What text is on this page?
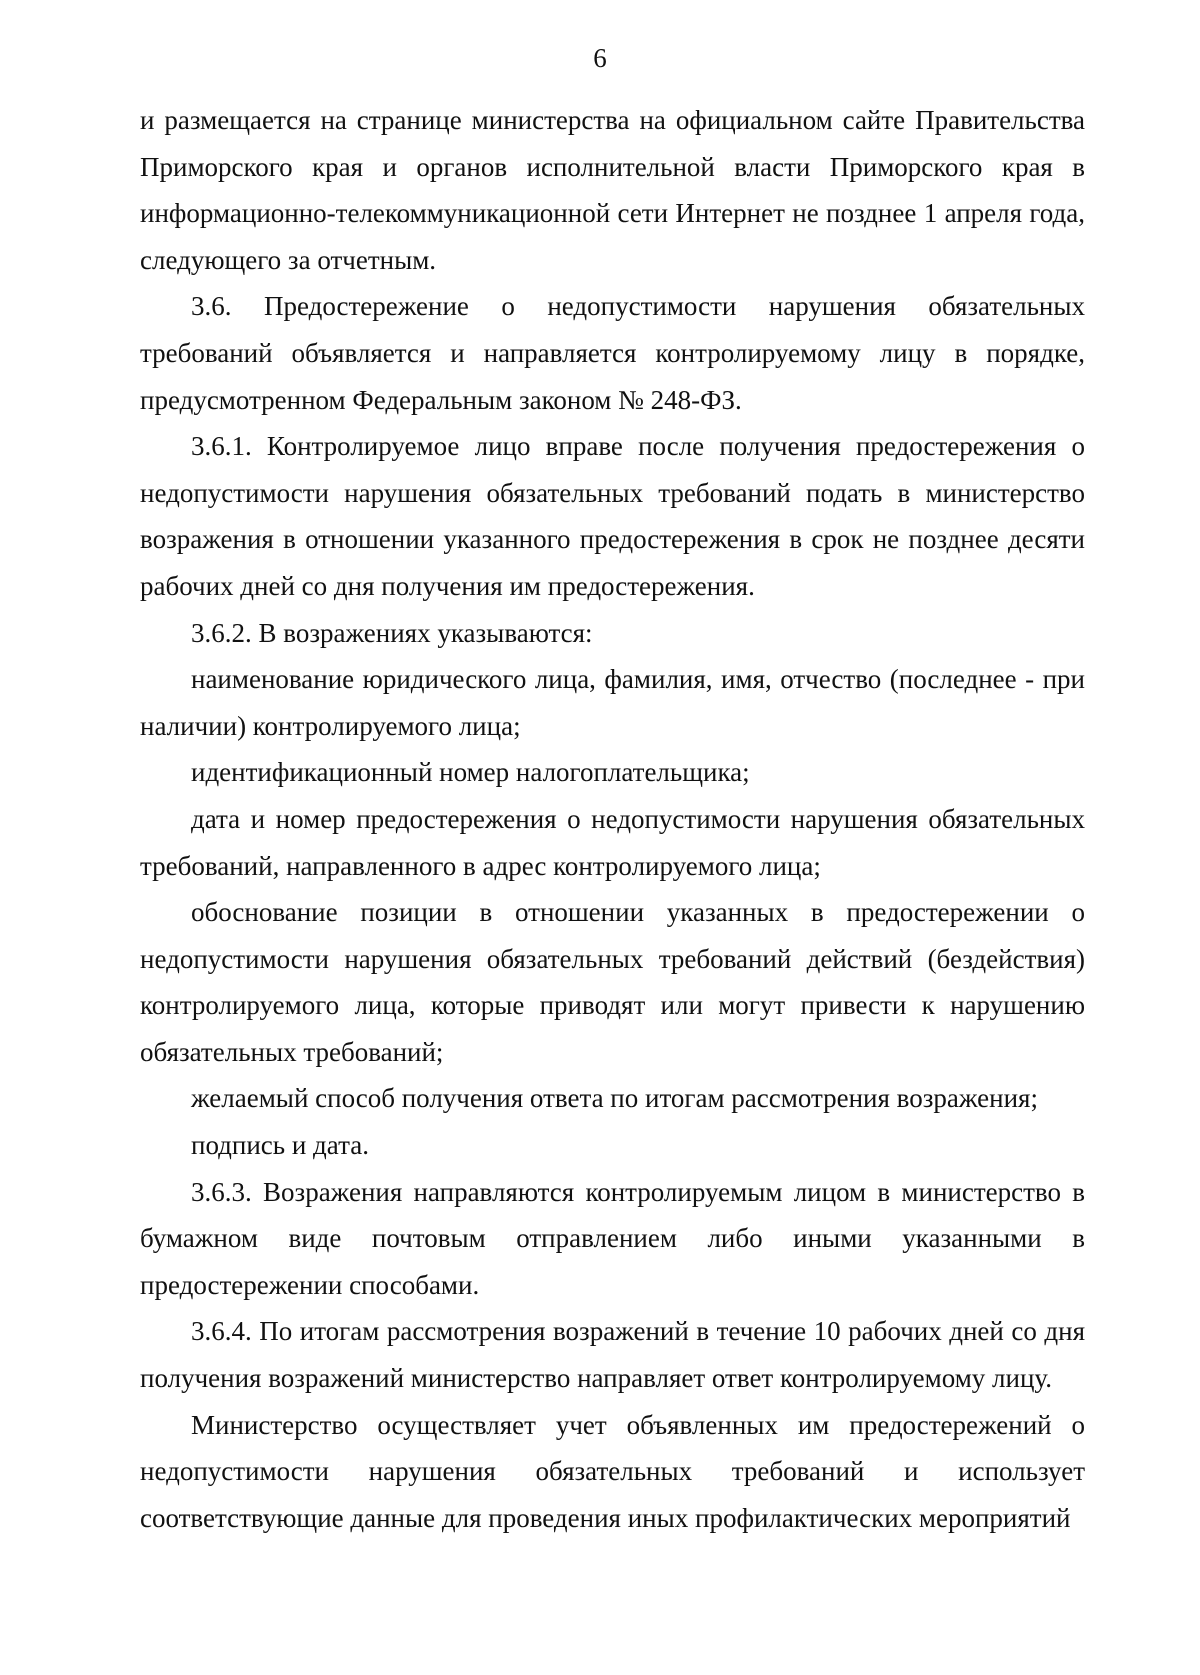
6

и размещается на странице министерства на официальном сайте Правительства Приморского края и органов исполнительной власти Приморского края в информационно-телекоммуникационной сети Интернет не позднее 1 апреля года, следующего за отчетным.

3.6. Предостережение о недопустимости нарушения обязательных требований объявляется и направляется контролируемому лицу в порядке, предусмотренном Федеральным законом № 248-ФЗ.

3.6.1. Контролируемое лицо вправе после получения предостережения о недопустимости нарушения обязательных требований подать в министерство возражения в отношении указанного предостережения в срок не позднее десяти рабочих дней со дня получения им предостережения.

3.6.2. В возражениях указываются:

наименование юридического лица, фамилия, имя, отчество (последнее - при наличии) контролируемого лица;

идентификационный номер налогоплательщика;

дата и номер предостережения о недопустимости нарушения обязательных требований, направленного в адрес контролируемого лица;

обоснование позиции в отношении указанных в предостережении о недопустимости нарушения обязательных требований действий (бездействия) контролируемого лица, которые приводят или могут привести к нарушению обязательных требований;

желаемый способ получения ответа по итогам рассмотрения возражения;

подпись и дата.

3.6.3. Возражения направляются контролируемым лицом в министерство в бумажном виде почтовым отправлением либо иными указанными в предостережении способами.

3.6.4. По итогам рассмотрения возражений в течение 10 рабочих дней со дня получения возражений министерство направляет ответ контролируемому лицу.

Министерство осуществляет учет объявленных им предостережений о недопустимости нарушения обязательных требований и использует соответствующие данные для проведения иных профилактических мероприятий
